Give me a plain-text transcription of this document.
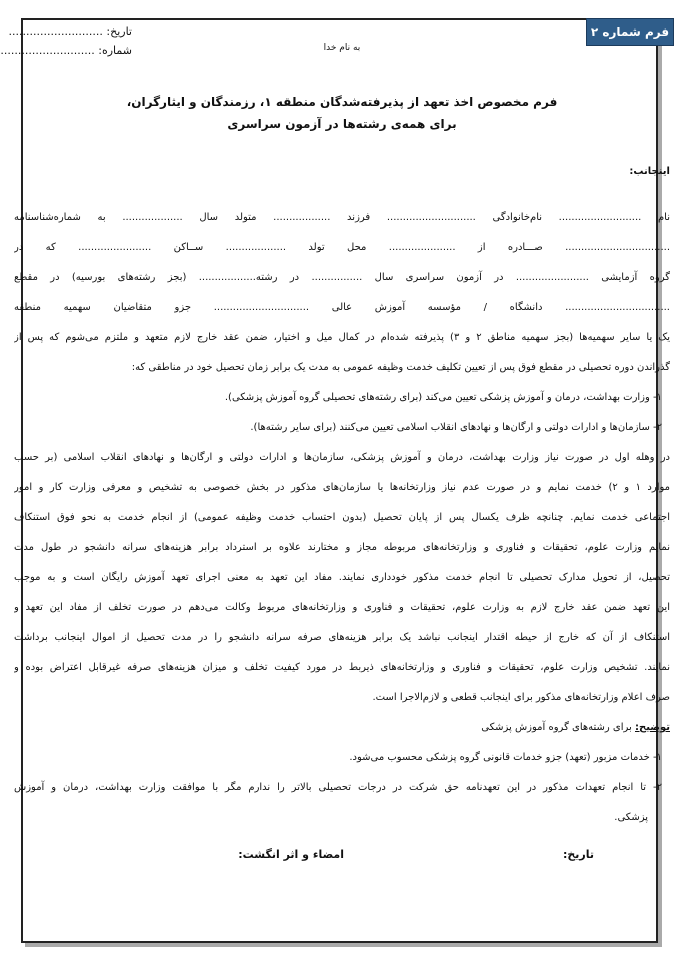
فرم شماره ۲
تاریخ: ...........................
شماره: ...........................	به نام خدا
فرم مخصوص اخذ تعهد از پذیرفته‌شدگان منطقه ۱، رزمندگان و ایثارگران،
برای همه‌ی رشته‌ها در آزمون سراسری
اینجانب:
نام .......................... نام‌خانوادگی ............................ فرزند .................. متولد سال ................... به شماره‌شناسنامه
................................. صـــادره از ..................... محل تولد ................... ســاکن ....................... که در
گروه آزمایشی ....................... در آزمون سراسری سال ................ در رشته.................. (بجز رشته‌های بورسیه) در مقطع
................................. دانشگاه / مؤسسه آموزش عالی .............................. جزو متقاضیان سهمیه منطقه
یک یا سایر سهمیه‌ها (بجز سهمیه مناطق ۲ و ۳) پذیرفته شده‌ام در کمال میل و اختیار، ضمن عقد خارج لازم متعهد و ملتزم می‌شوم که پس از
گذراندن دوره تحصیلی در مقطع فوق پس از تعیین تکلیف خدمت وظیفه عمومی به مدت یک برابر زمان تحصیل خود در مناطقی که:
۱- وزارت بهداشت، درمان و آموزش پزشکی تعیین می‌کند (برای رشته‌های تحصیلی گروه آموزش پزشکی).
۲- سازمان‌ها و ادارات دولتی و ارگان‌ها و نهادهای انقلاب اسلامی تعیین می‌کنند (برای سایر رشته‌ها).
در وهله اول در صورت نیاز وزارت بهداشت، درمان و آموزش پزشکی، سازمان‌ها و ادارات دولتی و ارگان‌ها و نهادهای انقلاب اسلامی (بر حسب
موارد ۱ و ۲) خدمت نمایم و در صورت عدم نیاز وزارتخانه‌ها یا سازمان‌های مذکور در بخش خصوصی به تشخیص و معرفی وزارت کار و امور
اجتماعی خدمت نمایم. چنانچه ظرف یکسال پس از پایان تحصیل (بدون احتساب خدمت وظیفه عمومی) از انجام خدمت به نحو فوق استنکاف
نمایم وزارت علوم، تحقیقات و فناوری و وزارتخانه‌های مربوطه مجاز و مختارند علاوه بر استرداد برابر هزینه‌های سرانه دانشجو در طول مدت
تحصیل، از تحویل مدارک تحصیلی تا انجام خدمت مذکور خودداری نمایند. مفاد این تعهد به معنی اجرای تعهد آموزش رایگان است و به موجب
این تعهد ضمن عقد خارج لازم به وزارت علوم، تحقیقات و فناوری و وزارتخانه‌های مربوط وکالت می‌دهم در صورت تخلف از مفاد این تعهد و
استنکاف از آن که خارج از حیطه اقتدار اینجانب نباشد یک برابر هزینه‌های صرفه سرانه دانشجو را در مدت تحصیل از اموال اینجانب برداشت
نمایند. تشخیص وزارت علوم، تحقیقات و فناوری و وزارتخانه‌های ذیربط در مورد کیفیت تخلف و میزان هزینه‌های صرفه غیرقابل اعتراض بوده و
صرف اعلام وزارتخانه‌های مذکور برای اینجانب قطعی و لازم‌الاجرا است.
توضیح: برای رشته‌های گروه آموزش پزشکی
۱- خدمات مزبور (تعهد) جزو خدمات قانونی گروه پزشکی محسوب می‌شود.
۲- تا انجام تعهدات مذکور در این تعهدنامه حق شرکت در درجات تحصیلی بالاتر را ندارم مگر با موافقت وزارت بهداشت، درمان و آموزش
پزشکی.
تاریخ:
امضاء و اثر انگشت:
